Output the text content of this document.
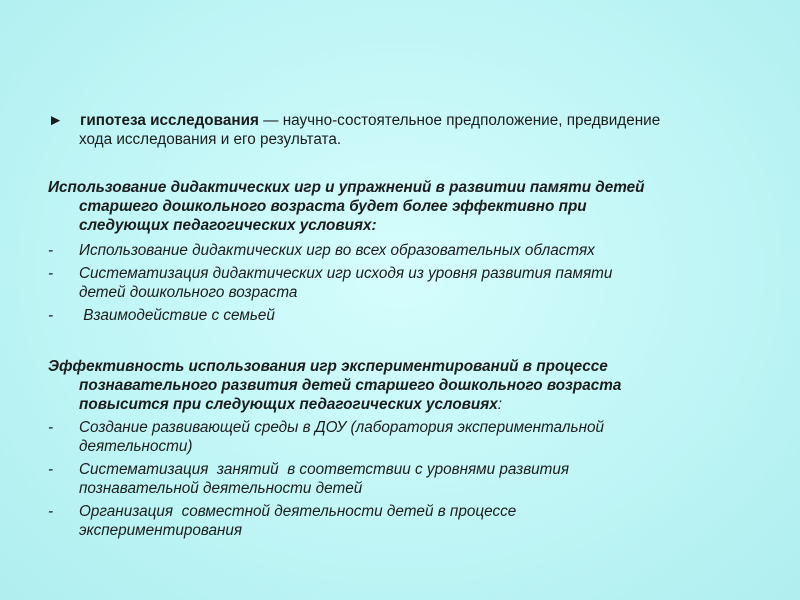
► гипотеза исследования — научно-состоятельное предположение, предвидение
хода исследования и его результата.
Использование дидактических игр и упражнений в развитии памяти детей
старшего дошкольного возраста будет более эффективно при
следующих педагогических условиях:
- Использование дидактических игр во всех образовательных областях
- Систематизация дидактических игр исходя из уровня развития памяти
детей дошкольного возраста
- Взаимодействие с семьей
Эффективность использования игр экспериментирований в процессе
познавательного развития детей старшего дошкольного возраста
повысится при следующих педагогических условиях:
- Создание развивающей среды в ДОУ (лаборатория экспериментальной
деятельности)
- Систематизация  занятий  в соответствии с уровнями развития
познавательной деятельности детей
- Организация  совместной деятельности детей в процессе
экспериментирования
